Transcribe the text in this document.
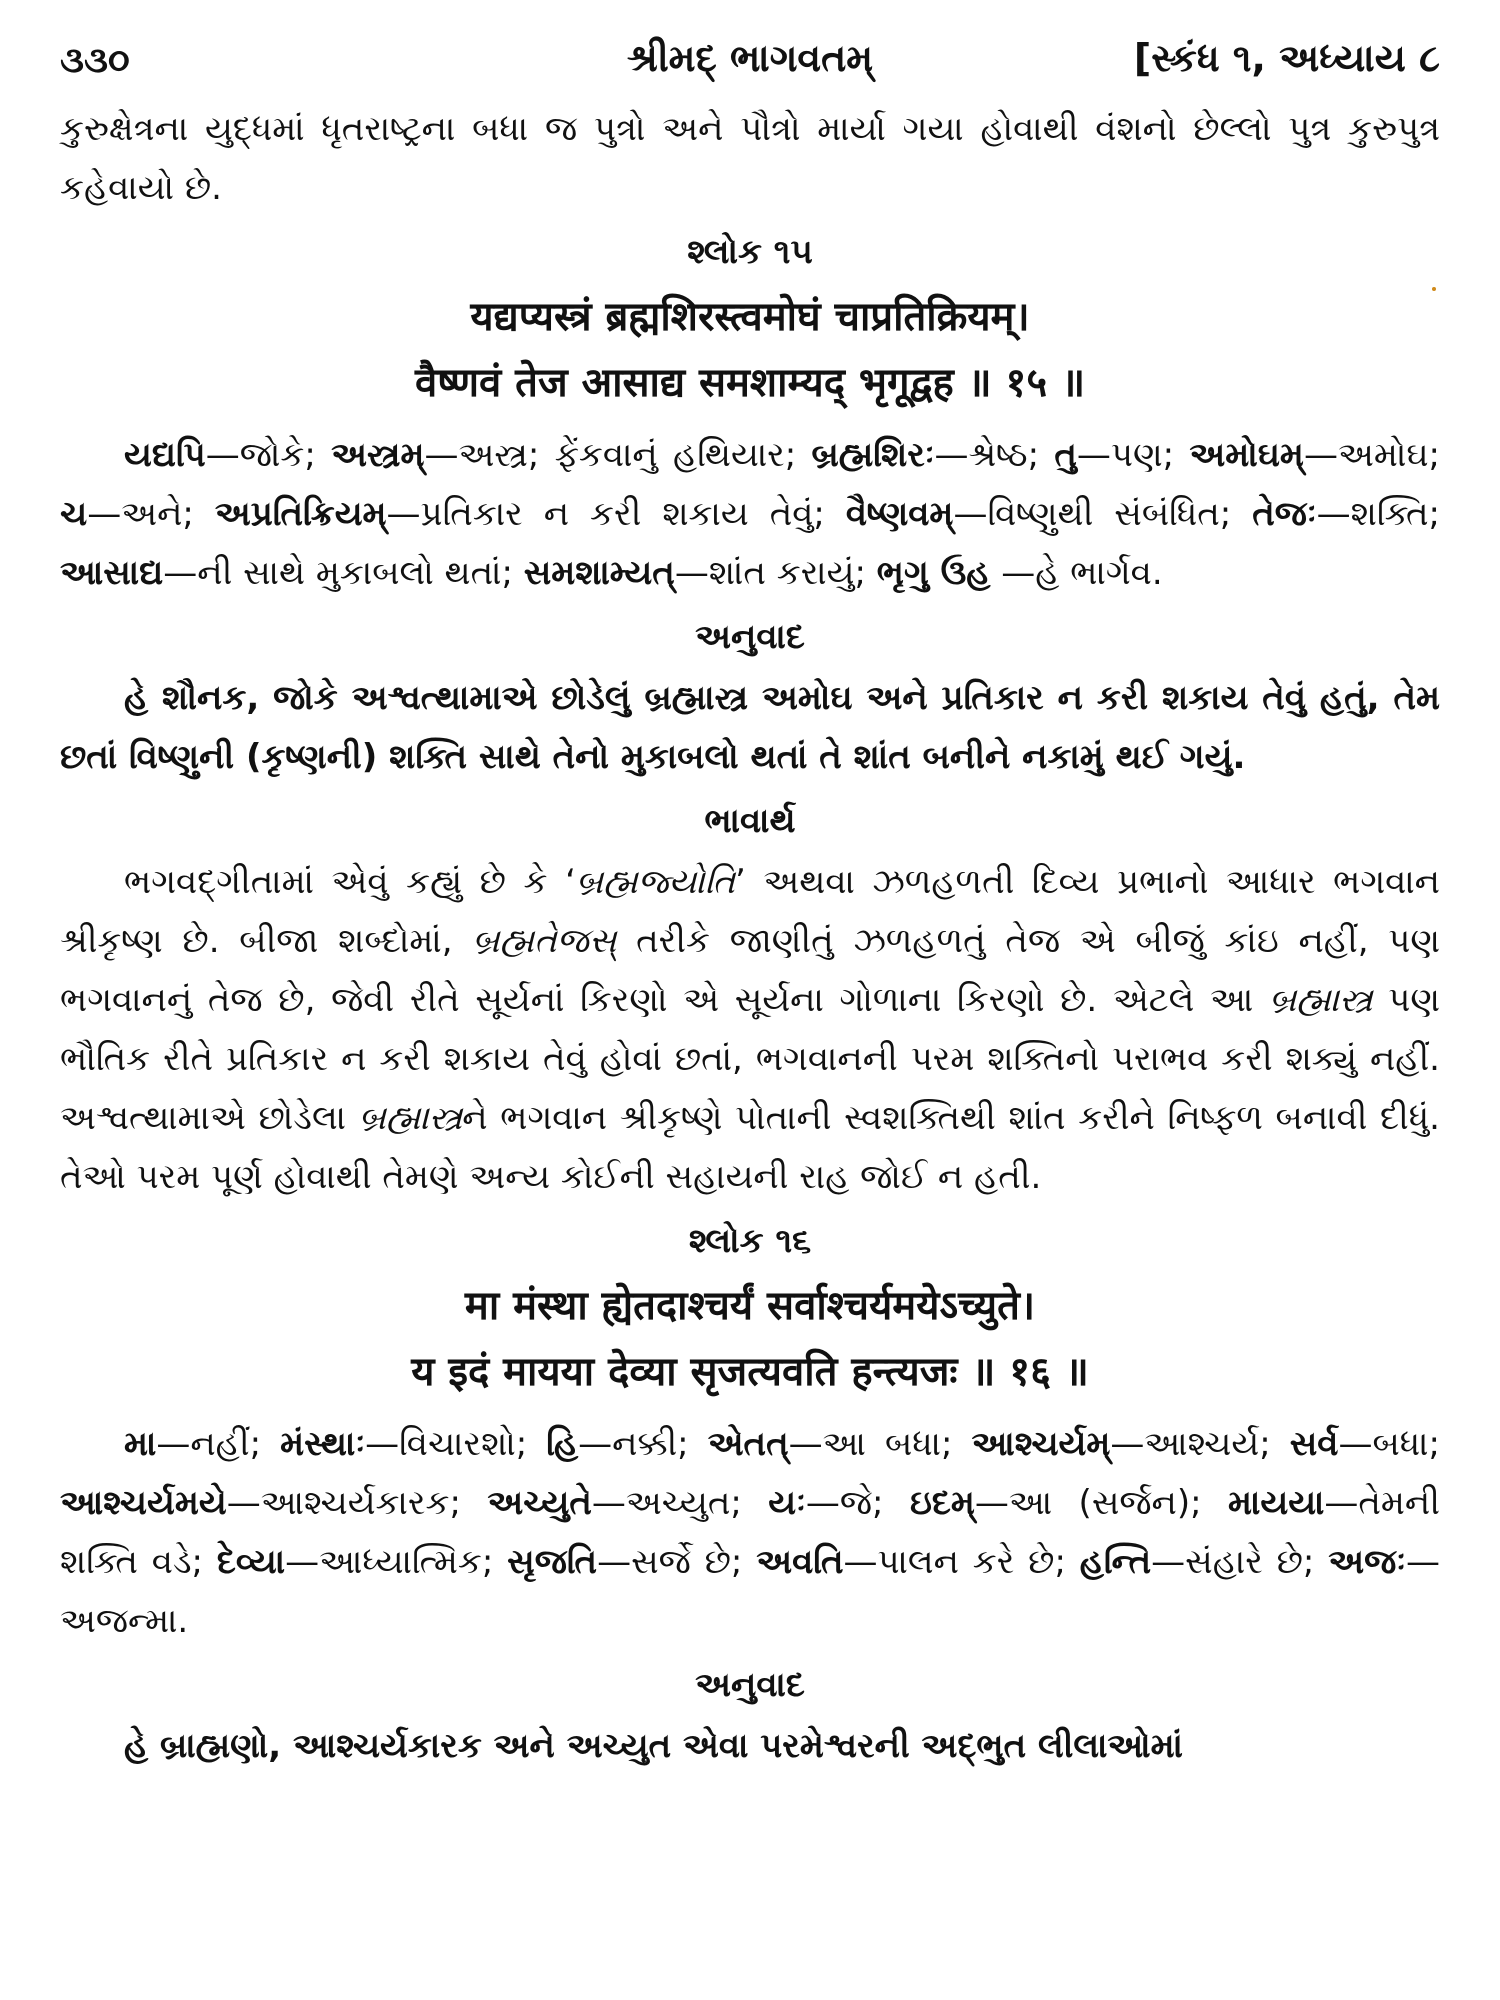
૩૩૦	શ્રીમદ્ ભાગવતમ્	[સ્કંધ ૧, અધ્યાય ૮

કુરુક્ષેત્રના યુદ્ધમાં ધૃતરાષ્ટ્રના બધા જ પુત્રો અને પૌત્રો માર્યા ગયા હોવાથી વંશનો છેલ્લો પુત્ર કુરુપુત્ર કહેવાયો છે.

શ્લોક ૧૫
यद्यप्यस्त्रं ब्रह्मशिरस्त्वमोघं चाप्रतिक्रियम्।
वैष्णवं तेज आसाद्य समशाम्यद् भृगूद्वह ॥ १५ ॥

યદ્યપિ—જોકે; અસ્ત્રમ્—અસ્ત્ર; ફેંકવાનું હથિયાર; બ્રહ્મશિરઃ—શ્રેષ્ઠ; તુ—પણ; અમોઘમ્—અમોઘ; ચ—અને; અપ્રતિક્રિયમ્—પ્રતિકાર ન કરી શકાય તેવું; વૈષ્ણવમ્—વિષ્ણુથી સંબંધિત; તેજઃ—શક્તિ; આસાદ્ય—ની સાથે મુકાબલો થતાં; સમશામ્યત્—શાંત કરાયું; ભૃગુ ઉહ —હે ભાર્ગવ.

અનુવાદ

હે શૌનક, જોકે અશ્વત્થામાએ છોડેલું બ્રહ્માસ્ત્ર અમોઘ અને પ્રતિકાર ન કરી શકાય તેવું હતું, તેમ છતાં વિષ્ણુની (કૃષ્ણની) શક્તિ સાથે તેનો મુકાબલો થતાં તે શાંત બનીને નકામું થઈ ગયું.

ભાવાર્થ

ભગવદ્ગીતામાં એવું કહ્યું છે કે ‘બ્રહ્મજ્યોતિ’ અથવા ઝળહળતી દિવ્ય પ્રભાનો આધાર ભગવાન શ્રીકૃષ્ણ છે. બીજા શબ્દોમાં, બ્રહ્મતેજસ્ તરીકે જાણીતું ઝળહળતું તેજ એ બીજું કાંઇ નહીં, પણ ભગવાનનું તેજ છે, જેવી રીતે સૂર્યનાં કિરણો એ સૂર્યના ગોળાના કિરણો છે. એટલે આ બ્રહ્માસ્ત્ર પણ ભૌતિક રીતે પ્રતિકાર ન કરી શકાય તેવું હોવાં છતાં, ભગવાનની પરમ શક્તિનો પરાભવ કરી શક્યું નહીં. અશ્વત્થામાએ છોડેલા બ્રહ્માસ્ત્રને ભગવાન શ્રીકૃષ્ણે પોતાની સ્વશક્તિથી શાંત કરીને નિષ્ફળ બનાવી દીધું. તેઓ પરમ પૂર્ણ હોવાથી તેમણે અન્ય કોઈની સહાયની રાહ જોઈ ન હતી.

શ્લોક ૧૬
मा मंस्था ह्येतदाश्चर्यं सर्वाश्चर्यमयेऽच्युते।
य इदं मायया देव्या सृजत्यवति हन्त्यजः ॥ १६ ॥

મા—નહીં; મંસ્થાઃ—વિચારશો; હિ—નક્કી; એતત્—આ બધા; આશ્ચર્યમ્—આશ્ચર્ય; સર્વ—બધા; આશ્ચર્યમયે—આશ્ચર્યકારક; અચ્યુતે—અચ્યુત; યઃ—જે; ઇદમ્—આ (સર્જન); માયયા—તેમની શક્તિ વડે; દેવ્યા—આધ્યાત્મિક; સૃજતિ—સર્જે છે; અવતિ—પાલન કરે છે; હન્તિ—સંહારે છે; અજઃ—અજન્મા.

અનુવાદ

હે બ્રાહ્મણો, આશ્ચર્યકારક અને અચ્યુત એવા પરમેશ્વરની અદ્ભુત લીલાઓમાં
